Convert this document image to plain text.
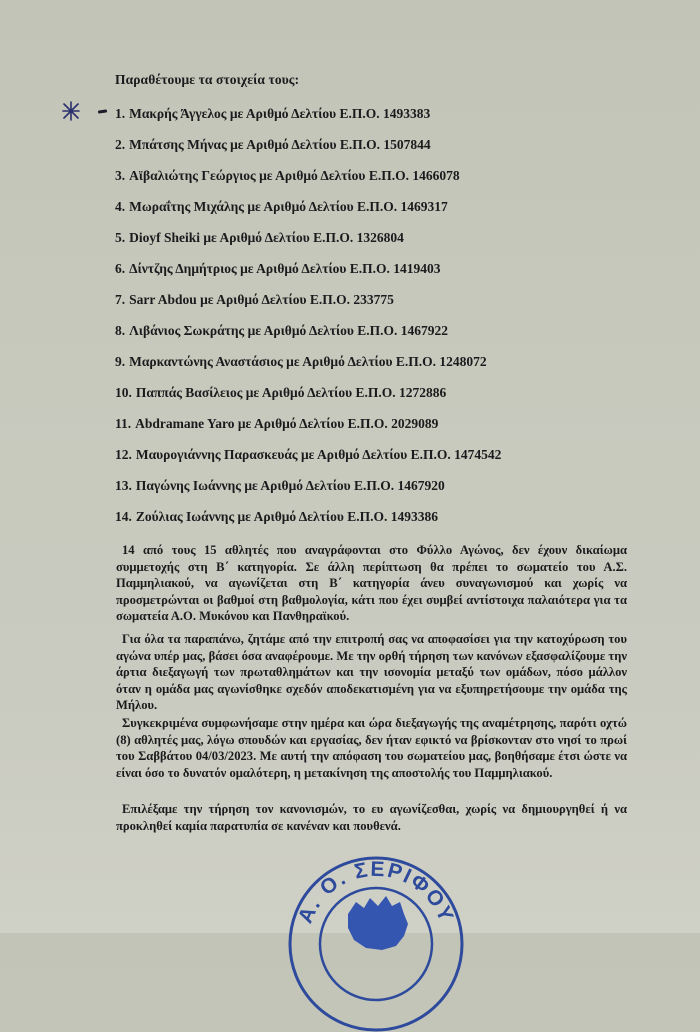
Παραθέτουμε τα στοιχεία τους:
1. Μακρής Άγγελος με Αριθμό Δελτίου Ε.Π.Ο. 1493383
2. Μπάτσης Μήνας με Αριθμό Δελτίου Ε.Π.Ο. 1507844
3. Αϊβαλιώτης Γεώργιος με Αριθμό Δελτίου Ε.Π.Ο. 1466078
4. Μωραΐτης Μιχάλης με Αριθμό Δελτίου Ε.Π.Ο. 1469317
5. Dioyf Sheiki με Αριθμό Δελτίου Ε.Π.Ο. 1326804
6. Δίντζης Δημήτριος με Αριθμό Δελτίου Ε.Π.Ο. 1419403
7. Sarr Abdou με Αριθμό Δελτίου Ε.Π.Ο. 233775
8. Λιβάνιος Σωκράτης με Αριθμό Δελτίου Ε.Π.Ο. 1467922
9. Μαρκαντώνης Αναστάσιος με Αριθμό Δελτίου Ε.Π.Ο. 1248072
10. Παππάς Βασίλειος με Αριθμό Δελτίου Ε.Π.Ο. 1272886
11. Abdramane Yaro με Αριθμό Δελτίου Ε.Π.Ο. 2029089
12. Μαυρογιάννης Παρασκευάς με Αριθμό Δελτίου Ε.Π.Ο. 1474542
13. Παγώνης Ιωάννης με Αριθμό Δελτίου Ε.Π.Ο. 1467920
14. Ζούλιας Ιωάννης με Αριθμό Δελτίου Ε.Π.Ο. 1493386

14 από τους 15 αθλητές που αναγράφονται στο Φύλλο Αγώνος, δεν έχουν δικαίωμα συμμετοχής στη Β΄ κατηγορία. Σε άλλη περίπτωση θα πρέπει το σωματείο του Α.Σ. Παμμηλιακού, να αγωνίζεται στη Β΄ κατηγορία άνευ συναγωνισμού και χωρίς να προσμετρώνται οι βαθμοί στη βαθμολογία, κάτι που έχει συμβεί αντίστοιχα παλαιότερα για τα σωματεία Α.Ο. Μυκόνου και Πανθηραϊκού.

Για όλα τα παραπάνω, ζητάμε από την επιτροπή σας να αποφασίσει για την κατοχύρωση του αγώνα υπέρ μας, βάσει όσα αναφέρουμε. Με την ορθή τήρηση των κανόνων εξασφαλίζουμε την άρτια διεξαγωγή των πρωταθλημάτων και την ισονομία μεταξύ των ομάδων, πόσο μάλλον όταν η ομάδα μας αγωνίσθηκε σχεδόν αποδεκατισμένη για να εξυπηρετήσουμε την ομάδα της Μήλου.

Συγκεκριμένα συμφωνήσαμε στην ημέρα και ώρα διεξαγωγής της αναμέτρησης, παρότι οχτώ (8) αθλητές μας, λόγω σπουδών και εργασίας, δεν ήταν εφικτό να βρίσκονταν στο νησί το πρωί του Σαββάτου 04/03/2023. Με αυτή την απόφαση του σωματείου μας, βοηθήσαμε έτσι ώστε να είναι όσο το δυνατόν ομαλότερη, η μετακίνηση της αποστολής του Παμμηλιακού.

Επιλέξαμε την τήρηση τον κανονισμών, το ευ αγωνίζεσθαι, χωρίς να δημιουργηθεί ή να προκληθεί καμία παρατυπία σε κανέναν και πουθενά.

Α. Ο. ΣΕΡΙΦΟΥ
